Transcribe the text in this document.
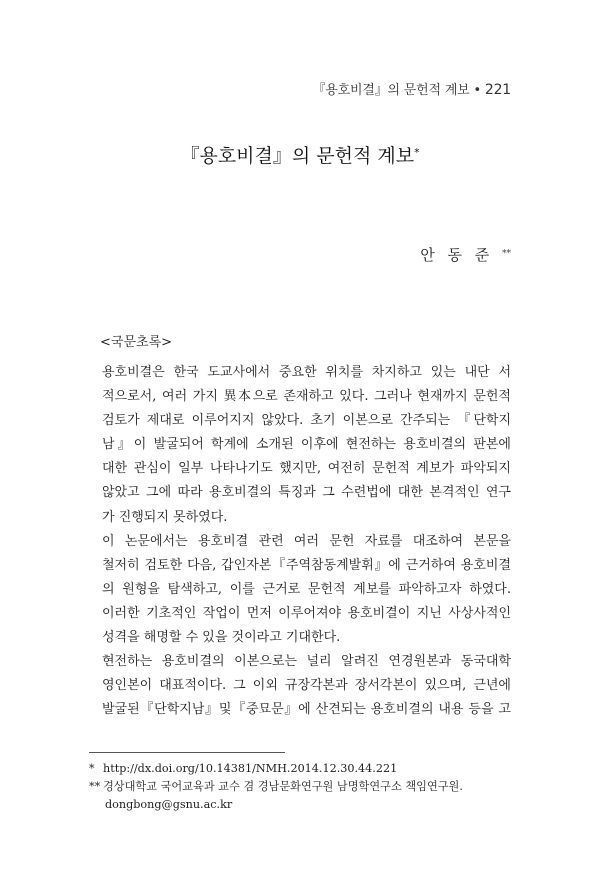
『용호비결』의 문헌적 계보 • 221
『용호비결』의 문헌적 계보*
안 동 준 **
<국문초록>

용호비결은 한국 도교사에서 중요한 위치를 차지하고 있는 내단 서
적으로서, 여러 가지 異本으로 존재하고 있다. 그러나 현재까지 문헌적
검토가 제대로 이루어지지 않았다. 초기 이본으로 간주되는 『단학지
남』이 발굴되어 학계에 소개된 이후에 현전하는 용호비결의 판본에
대한 관심이 일부 나타나기도 했지만, 여전히 문헌적 계보가 파악되지
않았고 그에 따라 용호비결의 특징과 그 수련법에 대한 본격적인 연구
가 진행되지 못하였다.

이 논문에서는 용호비결 관련 여러 문헌 자료를 대조하여 본문을
철저히 검토한 다음, 갑인자본『주역참동계발휘』에 근거하여 용호비결
의 원형을 탐색하고, 이를 근거로 문헌적 계보를 파악하고자 하였다.
이러한 기초적인 작업이 먼저 이루어져야 용호비결이 지닌 사상사적인
성격을 해명할 수 있을 것이라고 기대한다.

현전하는 용호비결의 이본으로는 널리 알려진 연경원본과 동국대학
영인본이 대표적이다. 그 이외 규장각본과 장서각본이 있으며, 근년에
발굴된『단학지남』및『중묘문』에 산견되는 용호비결의 내용 등을 고

* http://dx.doi.org/10.14381/NMH.2014.12.30.44.221
** 경상대학교 국어교육과 교수 겸 경남문화연구원 남명학연구소 책임연구원.
dongbong@gsnu.ac.kr
